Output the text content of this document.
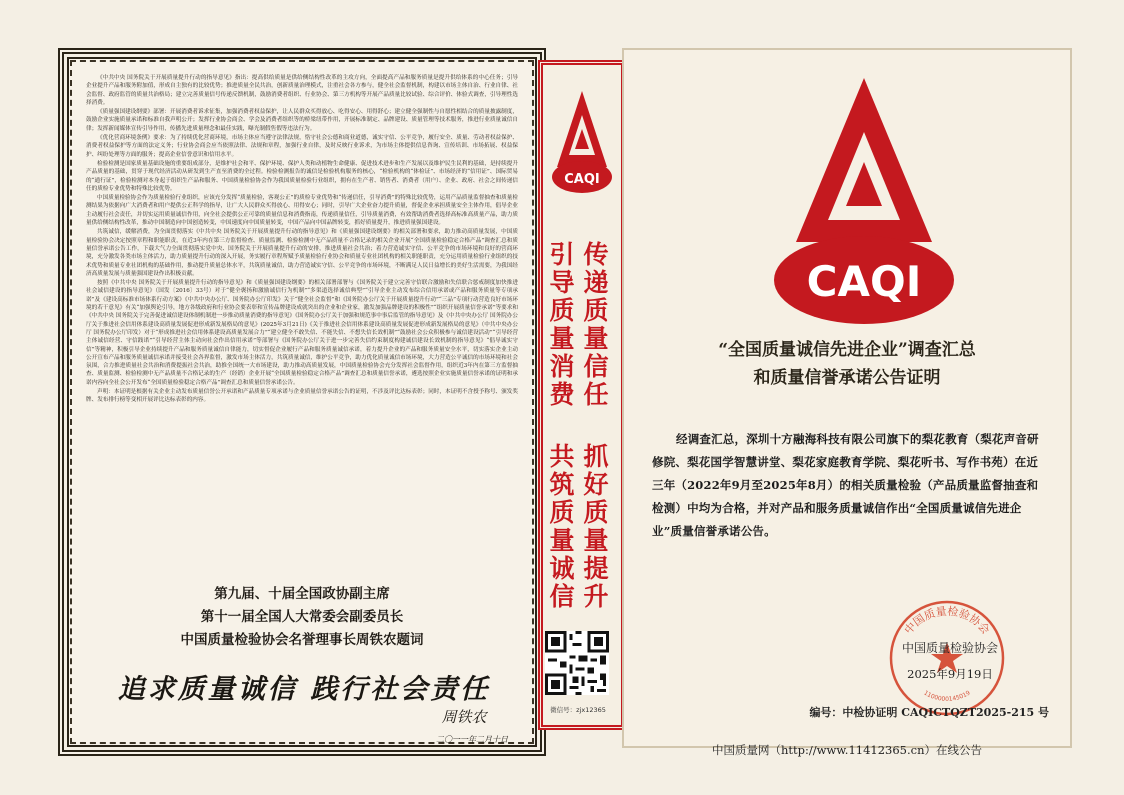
《中共中央 国务院关于开展质量提升行动的指导意见》指出：提高供给质量是供给侧结构性改革的主攻方向，全面提高产品和服务质量是提升供给体系的中心任务；引导企业提升产品和服务附加值，形成自主独有的比较优势；推进质量全民共治，创新质量治理模式，注重社会各方参与，健全社会监督机制，构建以市场主体自治、行业自律、社会监督、政府监管的质量共治格局；建立完善质量信号传递反馈机制，鼓励消费者组织、行业协会、第三方机构等开展产品质量比较试验、综合评价、体验式调查，引导理性选择消费。

《质量强国建设纲要》部署：开展消费者诉求征集，加强消费者权益保护，让人民群众买得放心、吃得安心、用得舒心；建立健全强制性与自愿性相结合的质量披露制度，鼓励企业实施质量承诺和标准自我声明公开；发挥行业协会商会、学会及消费者组织等的桥梁纽带作用，开展标准制定、品牌建设、质量管理等技术服务，推进行业质量诚信自律；发挥新闻媒体宣传引导作用，传播先进质量理念和最佳实践，曝光制假售假等违法行为。

《优化营商环境条例》要求：为了持续优化营商环境，市场主体应当遵守法律法规，恪守社会公德和商业道德，诚实守信、公平竞争，履行安全、质量、劳动者权益保护、消费者权益保护等方面的法定义务；行业协会商会应当依照法律、法规和章程，加强行业自律，及时反映行业诉求，为市场主体提供信息咨询、宣传培训、市场拓展、权益保护、纠纷处理等方面的服务；提高企业信誉意识和信用水平。

检验检测是国家质量基础设施的重要组成部分，是维护社会和平、保护环境、保护人类和动植物生命健康、促进技术进步和生产发展以及维护民生民利的基础，是持续提升产品质量的基础，贯穿于现代经济活动从研发到生产直至消费的全过程。检验检测报告的诚信是检验机构服务的核心，“检验机构的“体检证”、市场经济的“信用证”、国际贸易的“通行证”，检验检测对本身起于组织生产品和服务、中国质量检验协会作为我国质量检验行业组织，拥有在生产者、销售者、消费者（用户）、企业、政府、社会之间传递信任的质检专业优势和特殊比较优势。

中国质量检验协会作为质量检验行业组织，应该充分发挥“质量检验，客观公正”的质检专业优势和“传递信任，引导消费”的特殊比较优势，运用产品质量监督抽查和质量检测结果为依据向广大消费者和用户提供公正科学的指导，让广大人民群众买得放心、用得安心；同时，引导广大企业奋力提升质量，督促企业承担质量安全主体作用，倡导企业主动履行社会责任，并切实运用质量诚信作用，向全社会提供公正可靠的质量信息和消费指南，传递质量信任，引导质量消费，有效帮助消费者选择高标准高质量产品，助力质量供给侧结构性改革，推动中国制造向中国创造转变，中国速度向中国质量转变，中国产品向中国品牌转变，抓好质量提升，推进质量强国建设。

共筑诚信，缓解消费，为全面贯彻落实《中共中央 国务院关于开展质量提升行动的指导意见》和《质量强国建设纲要》的相关部署和要求，助力推动高质量发展，中国质量检验协会决定按照章程和职能职责，在近3年内在第三方监督检查、质量监测、检验检测中无产品质量不合格记录的相关企业开展“全国质量检验稳定合格产品”调查汇总和质量信誉承诺公告工作，下载大气力全面贯彻落实党中央、国务院关于开展质量提升行动的安排，推进质量社会共治；着力营造诚实守信、公平竞争的市场环境和良好的营商环境，充分激发各类市场主体活力，助力质量提升行动的深入开展，务实履行章程所赋予质量检验行业协会和质量专业社团机构的相关职能职责，充分运用质量检验行业组织的技术优势和质量专业社团机构的基础作用，推动提升质量总体水平，共筑质量诚信，助力营造诚实守信、公平竞争的市场环境，不断满足人民日益增长的美好生活需要，为我国经济高质量发展与质量强国建设作出积极贡献。

按照《中共中央 国务院关于开展质量提升行动的指导意见》和《质量强国建设纲要》的相关部署部署与《国务院关于建立完善守信联合激励和失信联合惩戒制度加快推进社会诚信建设的指导意见》（国发〔2016〕33号）对于“健全褒扬和激励诚信行为机制”“多渠道选择诚信典型”“引导企业主动发布综合信用承诺或产品和服务质量等专项承诺”及《建设高标准市场体系行动方案》《中共中央办公厅、国务院办公厅印发》关于“健全社会监督”和《国务院办公厅关于开展质量提升行动”“三品”专项行动营造良好市场环境的若干意见》有关“加强舆论引导，地方各级政府和行业协会要表彰和宣传品牌建设成就突出的企业和企业家，激发加强品牌建设的积极性”“组织开展质量信誉承诺”等要求和《中共中央 国务院关于完善促进诚信建设体制机制进一步推动质量消费的指导意见》《国务院办公厅关于加强和规范事中事后监管的指导意见》及《中共中央办公厅 国务院办公厅关于推进社会信用体系建设高质量发展促进形成新发展格局的意见》(2025年3月21日)《关于推进社会信用体系建设高质量发展促进形成新发展格局的意见》（中共中央办公厅 国务院办公厅印发）对于“形成推进社会信用体系建设高质量发展合力”“建立健全不敢失信、不能失信、不想失信长效机制”“鼓励社会公众积极参与诚信建设活动”“引导经营主体诚信经营、守信践诺”“引导经营主体主动向社会作出信用承诺”等部署与《国务院办公厅关于进一步完善失信约束制度构建诚信建设长效机制的指导意见》“倡导诚实守信”等精神，积极引导企业持续提升产品和服务质量诚信自律能力，切实督促企业履行产品和服务质量诚信承诺，着力提升企业的产品和服务质量安全水平，切实落实企业主动公开宣布产品和服务质量诚信承诺并接受社会各界监督，激发市场主体活力，共筑质量诚信，维护公平竞争，助力优化质量诚信市场环境，大力营造公平诚信的市场环境和社会氛围，合力推进质量社会共治和消费提振社会共治，助推全国统一大市场建设，助力推动高质量发展，中国质量检验协会充分发挥社会监督作用，组织近3年内在第三方监督抽查、质量监测、检验检测中无产品质量不合格记录的生产（经销）企业开展“全国质量检验稳定合格产品”调查汇总和质量信誉承诺，遴选按照企业实施质量信誉承诺的证明和承诺内容向全社会公开发布“全国质量检验稳定合格产品”调查汇总和质量信誉承诺公告。

声明：本证明是根据有关企业主动发布质量信誉公开承诺和产品质量专项承诺与企业质量信誉承诺公告的证明，不涉及评比达标表彰；同时，本证明不含授予称号、颁发奖牌、发布排行榜等变相开展评比达标表彰的内容。

第九届、十届全国政协副主席
第十一届全国人大常委会副委员长
中国质量检验协会名誉理事长周铁农题词
追求质量诚信 践行社会责任
周铁农
二〇一一年二月十日
CAQI
引导质量消费
传递质量信任
共筑质量诚信
抓好质量提升
微信号：zjx12365
CAQI
“全国质量诚信先进企业”调查汇总
和质量信誉承诺公告证明
经调查汇总，深圳十方融海科技有限公司旗下的梨花教育（梨花声音研修院、梨花国学智慧讲堂、梨花家庭教育学院、梨花听书、写作书苑）在近三年（2022年9月至2025年8月）的相关质量检验（产品质量监督抽查和检测）中均为合格，并对产品和服务质量诚信作出“全国质量诚信先进企业”质量信誉承诺公告。
中国质量检验协会
1100000145019
中国质量检验协会
2025年9月19日
编号：中检协证明 CAQICTQZT2025-215 号
中国质量网（http://www.11412365.cn）在线公告
